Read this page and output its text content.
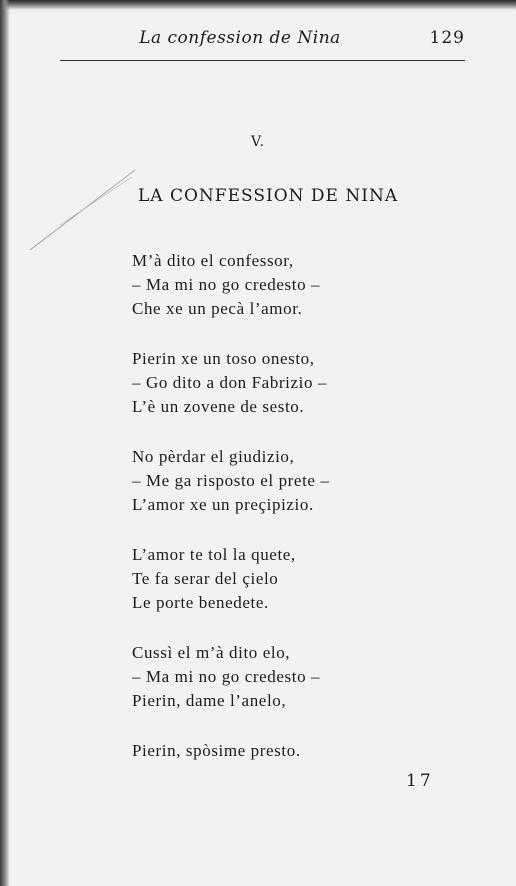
La confession de Nina	129
V.
LA CONFESSION DE NINA
M’à dito el confessor,
– Ma mi no go credesto –
Che xe un pecà l’amor.
Pierin xe un toso onesto,
– Go dito a don Fabrizio –
L’è un zovene de sesto.
No pèrdar el giudizio,
– Me ga risposto el prete –
L’amor xe un preçipizio.
L’amor te tol la quete,
Te fa serar del çielo
Le porte benedete.
Cussì el m’à dito elo,
– Ma mi no go credesto –
Pierin, dame l’anelo,
Pierin, spòsime presto.
17
